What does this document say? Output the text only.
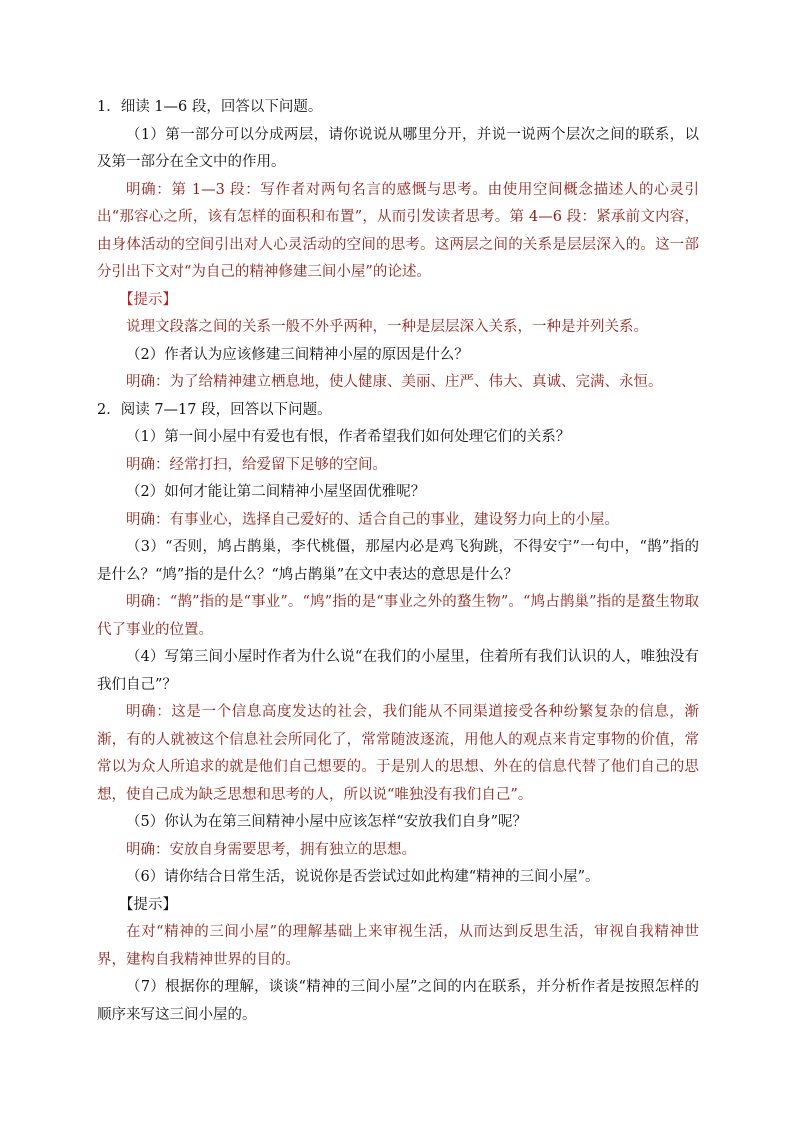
1．细读 1—6 段，回答以下问题。

（1）第一部分可以分成两层，请你说说从哪里分开，并说一说两个层次之间的联系，以及第一部分在全文中的作用。

明确：第 1—3 段：写作者对两句名言的感慨与思考。由使用空间概念描述人的心灵引出“那容心之所，该有怎样的面积和布置”，从而引发读者思考。第 4—6 段：紧承前文内容，由身体活动的空间引出对人心灵活动的空间的思考。这两层之间的关系是层层深入的。这一部分引出下文对“为自己的精神修建三间小屋”的论述。

【提示】

说理文段落之间的关系一般不外乎两种，一种是层层深入关系，一种是并列关系。

（2）作者认为应该修建三间精神小屋的原因是什么？

明确：为了给精神建立栖息地，使人健康、美丽、庄严、伟大、真诚、完满、永恒。

2．阅读 7—17 段，回答以下问题。

（1）第一间小屋中有爱也有恨，作者希望我们如何处理它们的关系？

明确：经常打扫，给爱留下足够的空间。

（2）如何才能让第二间精神小屋坚固优雅呢？

明确：有事业心，选择自己爱好的、适合自己的事业，建设努力向上的小屋。

（3）“否则，鸠占鹊巢，李代桃僵，那屋内必是鸡飞狗跳，不得安宁”一句中，“鹊”指的是什么？“鸠”指的是什么？“鸠占鹊巢”在文中表达的意思是什么？

明确：“鹊”指的是“事业”。“鸠”指的是“事业之外的蝥生物”。“鸠占鹊巢”指的是蝥生物取代了事业的位置。

（4）写第三间小屋时作者为什么说“在我们的小屋里，住着所有我们认识的人，唯独没有我们自己”？

明确：这是一个信息高度发达的社会，我们能从不同渠道接受各种纷繁复杂的信息，渐渐，有的人就被这个信息社会所同化了，常常随波逐流，用他人的观点来肯定事物的价值，常常以为众人所追求的就是他们自己想要的。于是别人的思想、外在的信息代替了他们自己的思想，使自己成为缺乏思想和思考的人，所以说“唯独没有我们自己”。

（5）你认为在第三间精神小屋中应该怎样“安放我们自身”呢？

明确：安放自身需要思考，拥有独立的思想。

（6）请你结合日常生活，说说你是否尝试过如此构建“精神的三间小屋”。

【提示】

在对“精神的三间小屋”的理解基础上来审视生活，从而达到反思生活，审视自我精神世界，建构自我精神世界的目的。

（7）根据你的理解，谈谈“精神的三间小屋”之间的内在联系，并分析作者是按照怎样的顺序来写这三间小屋的。
